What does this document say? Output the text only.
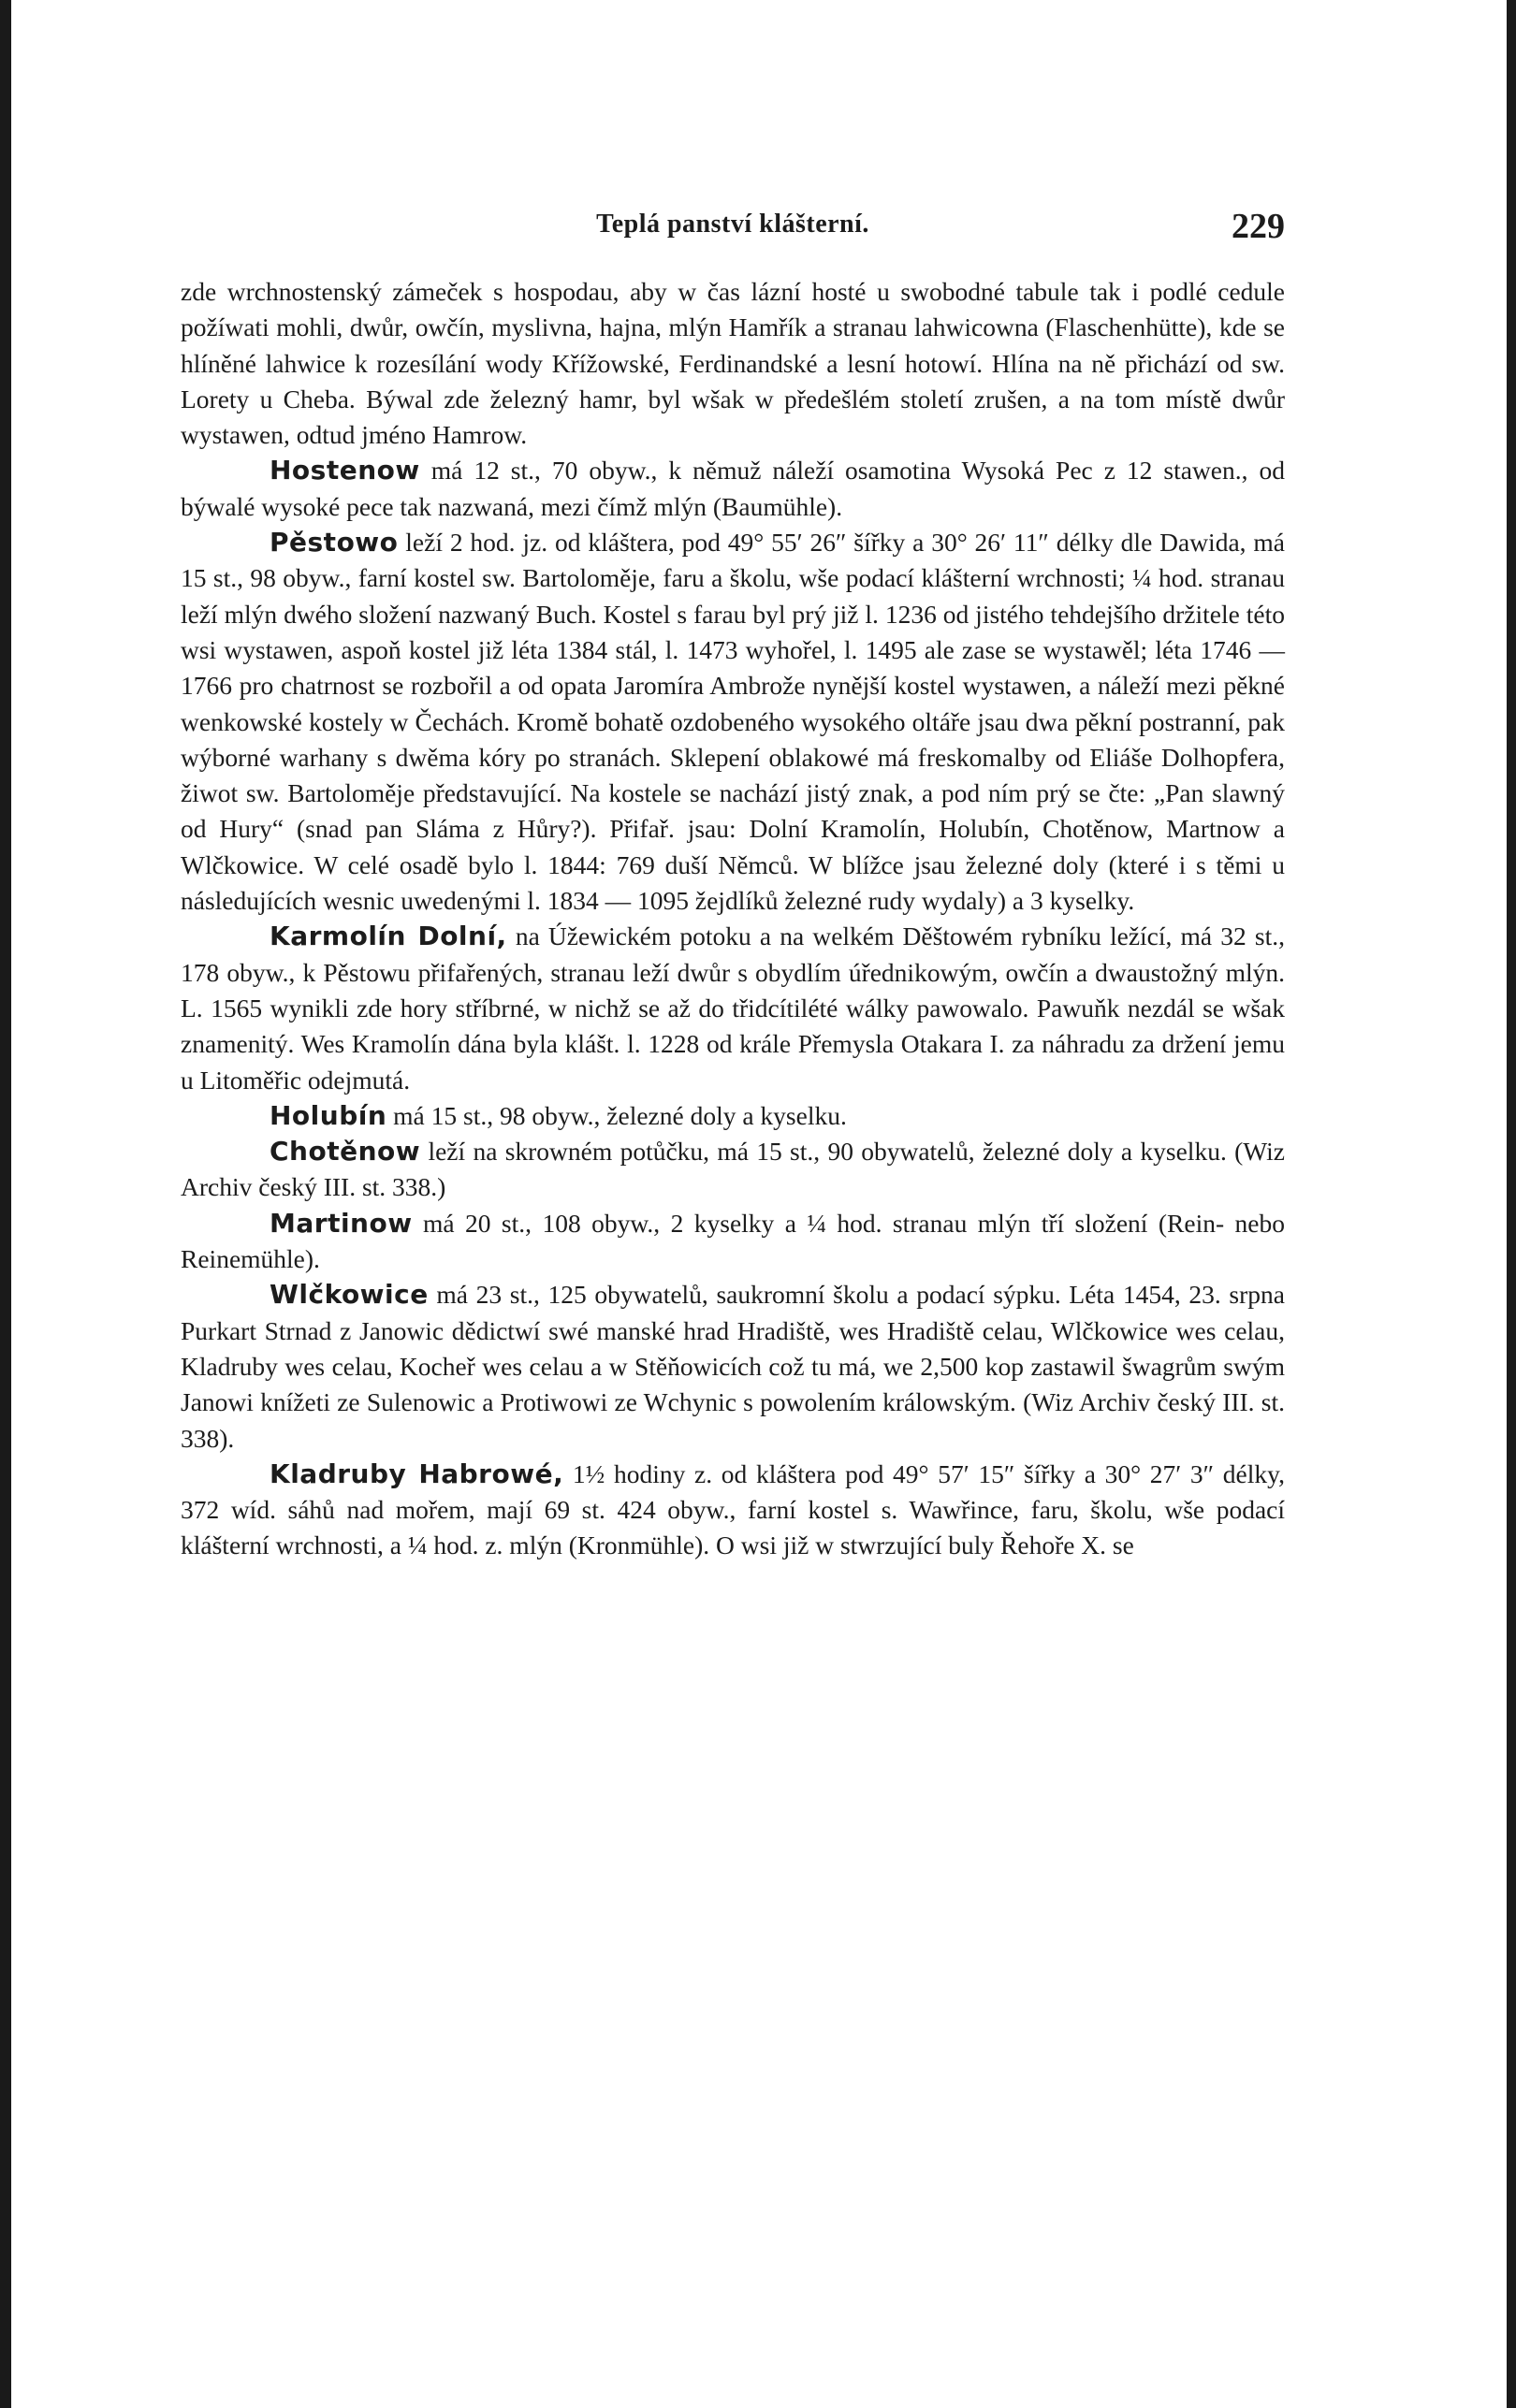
Teplá panství klášterní.	229

zde wrchnostenský zámeček s hospodau, aby w čas lázní hosté u swobodné tabule tak i podlé cedule požíwati mohli, dwůr, owčín, myslivna, hajna, mlýn Hamřík a stranau lahwicowna (Flaschenhütte), kde se hlíněné lahwice k rozesílání wody Křížowské, Ferdinandské a lesní hotowí. Hlína na ně přichází od sw. Lorety u Cheba. Býwal zde železný hamr, byl wšak w předešlém století zrušen, a na tom místě dwůr wystawen, odtud jméno Hamrow.

Hostenow má 12 st., 70 obyw., k němuž náleží osamotina Wysoká Pec z 12 stawen., od býwalé wysoké pece tak nazwaná, mezi čímž mlýn (Baumühle).

Pěstowo leží 2 hod. jz. od kláštera, pod 49° 55′ 26″ šířky a 30° 26′ 11″ délky dle Dawida, má 15 st., 98 obyw., farní kostel sw. Bartoloměje, faru a školu, wše podací klášterní wrchnosti; ¼ hod. stranau leží mlýn dwého složení nazwaný Buch. Kostel s farau byl prý již l. 1236 od jistého tehdejšího držitele této wsi wystawen, aspoň kostel již léta 1384 stál, l. 1473 wyhořel, l. 1495 ale zase se wystawěl; léta 1746 — 1766 pro chatrnost se rozbořil a od opata Jaromíra Ambrože nynější kostel wystawen, a náleží mezi pěkné wenkowské kostely w Čechách. Kromě bohatě ozdobeného wysokého oltáře jsau dwa pěkní postranní, pak wýborné warhany s dwěma kóry po stranách. Sklepení oblakowé má freskomalby od Eliáše Dolhopfera, žiwot sw. Bartoloměje představující. Na kostele se nachází jistý znak, a pod ním prý se čte: „Pan slawný od Hury“ (snad pan Sláma z Hůry?). Přifař. jsau: Dolní Kramolín, Holubín, Chotěnow, Martnow a Wlčkowice. W celé osadě bylo l. 1844: 769 duší Němců. W blížce jsau železné doly (které i s těmi u následujících wesnic uwedenými l. 1834 — 1095 žejdlíků železné rudy wydaly) a 3 kyselky.

Karmolín Dolní, na Úžewickém potoku a na welkém Děštowém rybníku ležící, má 32 st., 178 obyw., k Pěstowu přifařených, stranau leží dwůr s obydlím úřednikowým, owčín a dwaustožný mlýn. L. 1565 wynikli zde hory stříbrné, w nichž se až do třidcítilété wálky pawowalo. Pawuňk nezdál se wšak znamenitý. Wes Kramolín dána byla klášt. l. 1228 od krále Přemysla Otakara I. za náhradu za držení jemu u Litoměřic odejmutá.

Holubín má 15 st., 98 obyw., železné doly a kyselku.

Chotěnow leží na skrowném potůčku, má 15 st., 90 obywatelů, železné doly a kyselku. (Wiz Archiv český III. st. 338.)

Martinow má 20 st., 108 obyw., 2 kyselky a ¼ hod. stranau mlýn tří složení (Rein- nebo Reinemühle).

Wlčkowice má 23 st., 125 obywatelů, saukromní školu a podací sýpku. Léta 1454, 23. srpna Purkart Strnad z Janowic dědictwí swé manské hrad Hradiště, wes Hradiště celau, Wlčkowice wes celau, Kladruby wes celau, Kocheř wes celau a w Stěňowicích což tu má, we 2,500 kop zastawil šwagrům swým Janowi knížeti ze Sulenowic a Protiwowi ze Wchynic s powolením králowským. (Wiz Archiv český III. st. 338).

Kladruby Habrowé, 1½ hodiny z. od kláštera pod 49° 57′ 15″ šířky a 30° 27′ 3″ délky, 372 wíd. sáhů nad mořem, mají 69 st. 424 obyw., farní kostel s. Wawřince, faru, školu, wše podací klášterní wrchnosti, a ¼ hod. z. mlýn (Kronmühle). O wsi již w stwrzující buly Řehoře X. se
